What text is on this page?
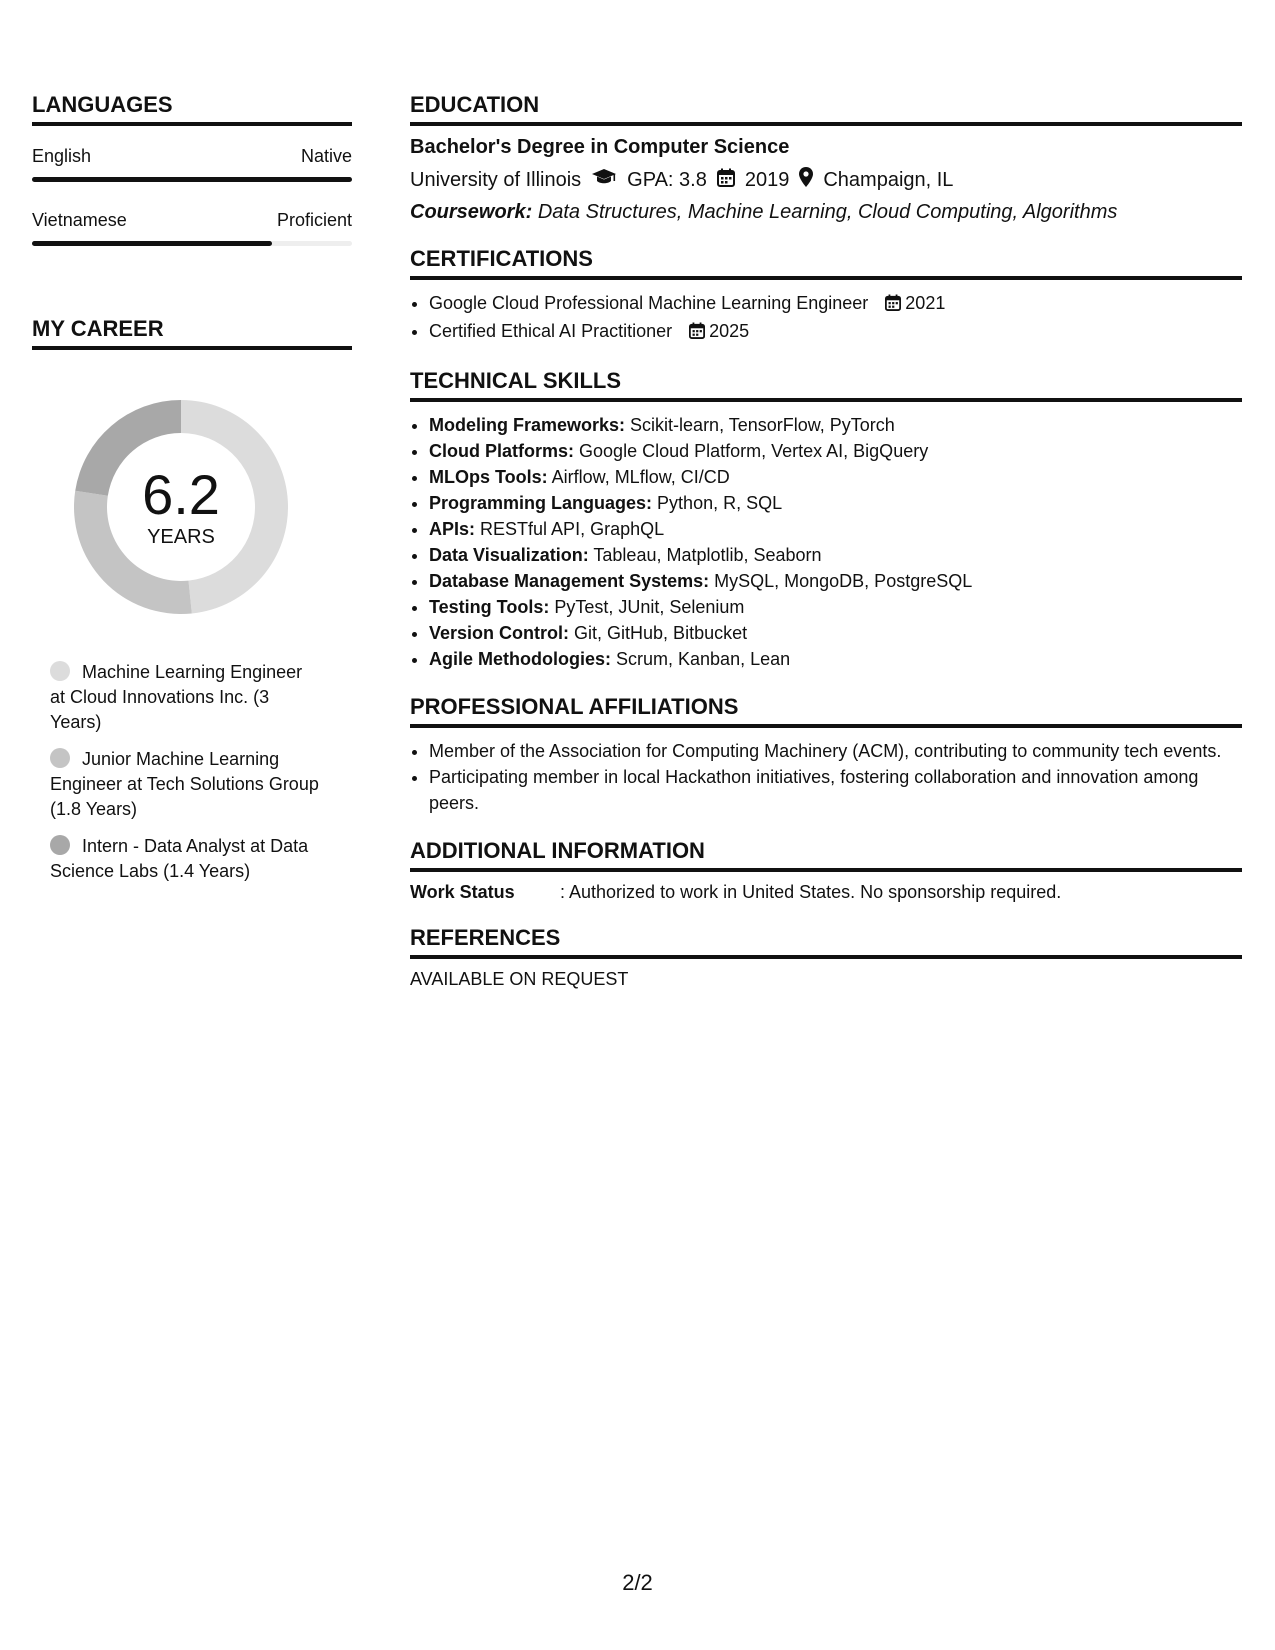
LANGUAGES
English	Native
Vietnamese	Proficient
MY CAREER
6.2
YEARS
Machine Learning Engineer at Cloud Innovations Inc. (3 Years)
Junior Machine Learning Engineer at Tech Solutions Group (1.8 Years)
Intern - Data Analyst at Data Science Labs (1.4 Years)
EDUCATION
Bachelor's Degree in Computer Science
University of Illinois GPA: 3.8 2019 Champaign, IL
Coursework: Data Structures, Machine Learning, Cloud Computing, Algorithms
CERTIFICATIONS
• Google Cloud Professional Machine Learning Engineer 2021
• Certified Ethical AI Practitioner 2025
TECHNICAL SKILLS
• Modeling Frameworks: Scikit-learn, TensorFlow, PyTorch
• Cloud Platforms: Google Cloud Platform, Vertex AI, BigQuery
• MLOps Tools: Airflow, MLflow, CI/CD
• Programming Languages: Python, R, SQL
• APIs: RESTful API, GraphQL
• Data Visualization: Tableau, Matplotlib, Seaborn
• Database Management Systems: MySQL, MongoDB, PostgreSQL
• Testing Tools: PyTest, JUnit, Selenium
• Version Control: Git, GitHub, Bitbucket
• Agile Methodologies: Scrum, Kanban, Lean
PROFESSIONAL AFFILIATIONS
• Member of the Association for Computing Machinery (ACM), contributing to community tech events.
• Participating member in local Hackathon initiatives, fostering collaboration and innovation among peers.
ADDITIONAL INFORMATION
Work Status	: Authorized to work in United States. No sponsorship required.
REFERENCES
AVAILABLE ON REQUEST
2/2
